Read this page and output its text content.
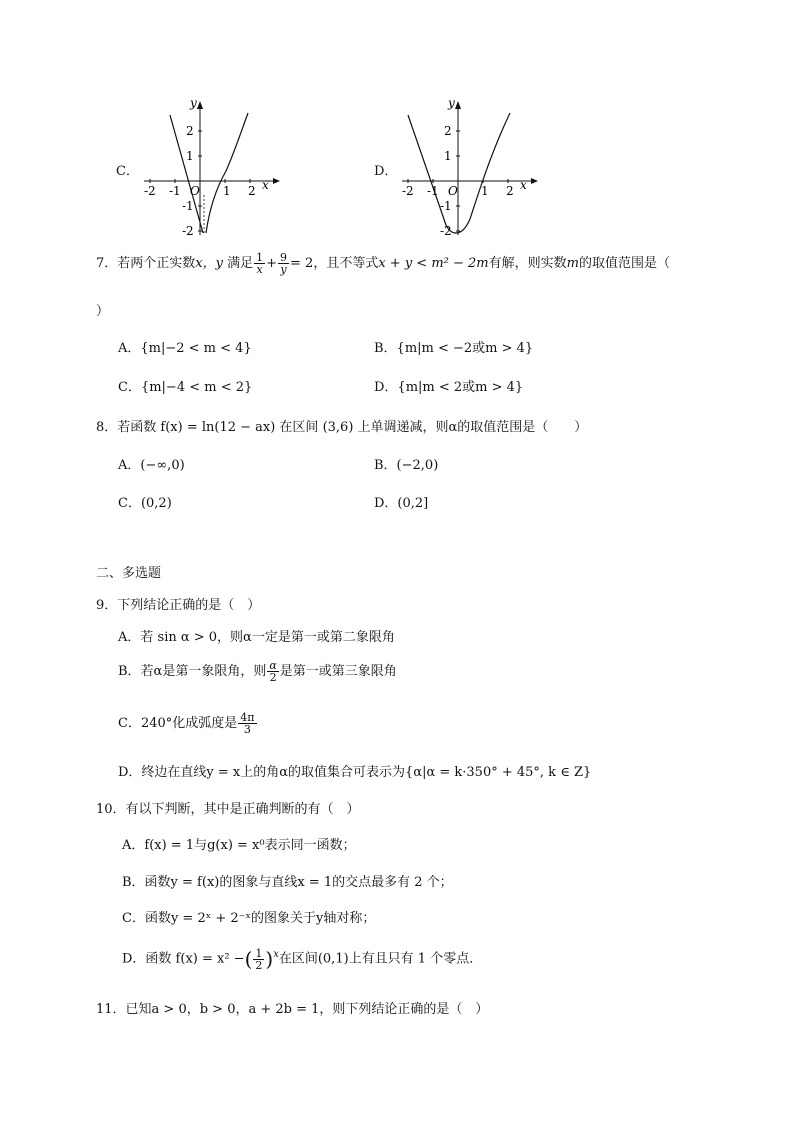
C．
y
x
2
1
-1
-2
-2 -1 O 1 2
D．
y
x
2
1
-1
-2
-2 -1 O 1 2
7．若两个正实数x，y 满足 $\frac{1}{x} + \frac{9}{y} = 2$，且不等式x + y < m² − 2m有解，则实数m的取值范围是（
）
A．{m|−2 < m < 4}	B．{m|m < −2或m > 4}
C．{m|−4 < m < 2}	D．{m|m < 2或m > 4}
8．若函数 f(x) = ln(12 − ax) 在区间 (3,6) 上单调递减，则α的取值范围是（　　）
A．(−∞,0)	B．(−2,0)
C．(0,2)	D．(0,2]
二、多选题
9．下列结论正确的是（　）
A．若 sin α > 0，则α一定是第一或第二象限角
B．若α是第一象限角，则 $\frac{\alpha}{2}$ 是第一或第三象限角
C．240°化成弧度是 $\frac{4\pi}{3}$
D．终边在直线y = x上的角α的取值集合可表示为{α|α = k·350° + 45°, k ∈ Z}
10．有以下判断，其中是正确判断的有（　）
A．f(x) = 1与g(x) = x⁰表示同一函数；
B．函数y = f(x)的图象与直线x = 1的交点最多有 2 个；
C．函数y = 2ˣ + 2⁻ˣ的图象关于y轴对称；
D．函数 f(x) = x² −( $\frac{1}{2} )^x$在区间(0,1)上有且只有 1 个零点．
11．已知a > 0，b > 0，a + 2b = 1，则下列结论正确的是（　）
